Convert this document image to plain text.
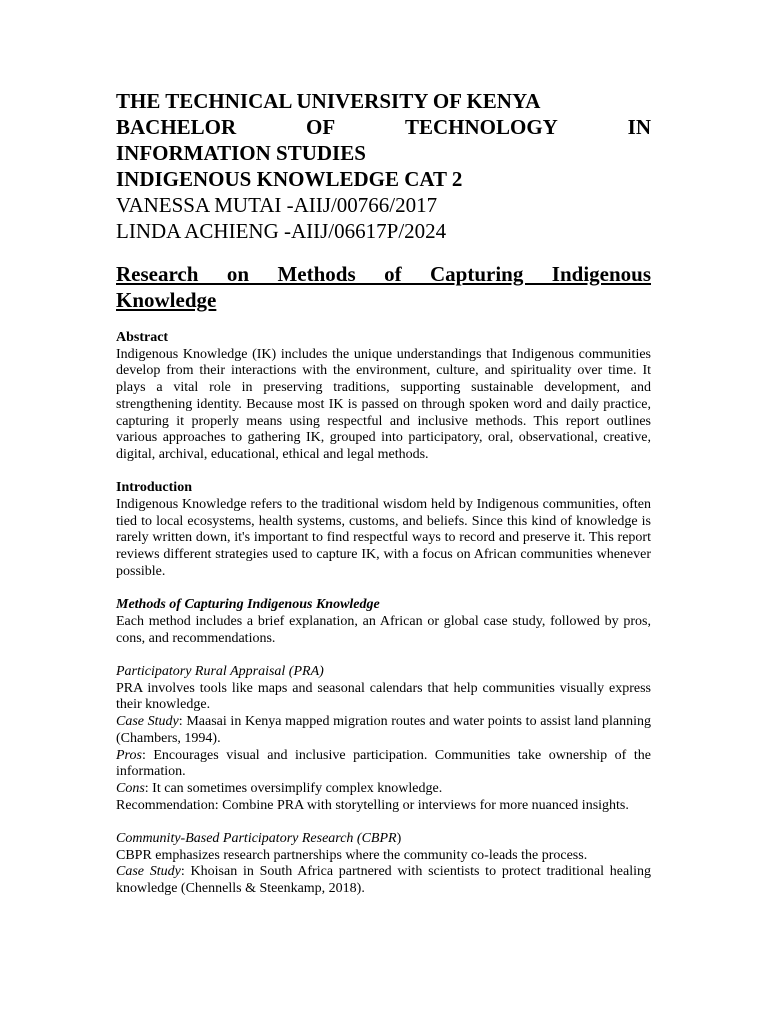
THE TECHNICAL UNIVERSITY OF KENYA
BACHELOR	OF	TECHNOLOGY	IN
INFORMATION STUDIES
INDIGENOUS KNOWLEDGE CAT 2
VANESSA MUTAI -AIIJ/00766/2017
LINDA ACHIENG -AIIJ/06617P/2024
Research on Methods of Capturing Indigenous
Knowledge

Abstract

Indigenous Knowledge (IK) includes the unique understandings that Indigenous communities develop from their interactions with the environment, culture, and spirituality over time. It plays a vital role in preserving traditions, supporting sustainable development, and strengthening identity. Because most IK is passed on through spoken word and daily practice, capturing it properly means using respectful and inclusive methods. This report outlines various approaches to gathering IK, grouped into participatory, oral, observational, creative, digital, archival, educational, ethical and legal methods.

Introduction

Indigenous Knowledge refers to the traditional wisdom held by Indigenous communities, often tied to local ecosystems, health systems, customs, and beliefs. Since this kind of knowledge is rarely written down, it's important to find respectful ways to record and preserve it. This report reviews different strategies used to capture IK, with a focus on African communities whenever possible.

Methods of Capturing Indigenous Knowledge

Each method includes a brief explanation, an African or global case study, followed by pros, cons, and recommendations.

Participatory Rural Appraisal (PRA)

PRA involves tools like maps and seasonal calendars that help communities visually express their knowledge.

Case Study: Maasai in Kenya mapped migration routes and water points to assist land planning (Chambers, 1994).

Pros: Encourages visual and inclusive participation. Communities take ownership of the information.

Cons: It can sometimes oversimplify complex knowledge.

Recommendation: Combine PRA with storytelling or interviews for more nuanced insights.

Community-Based Participatory Research (CBPR)

CBPR emphasizes research partnerships where the community co-leads the process.

Case Study: Khoisan in South Africa partnered with scientists to protect traditional healing knowledge (Chennells & Steenkamp, 2018).
